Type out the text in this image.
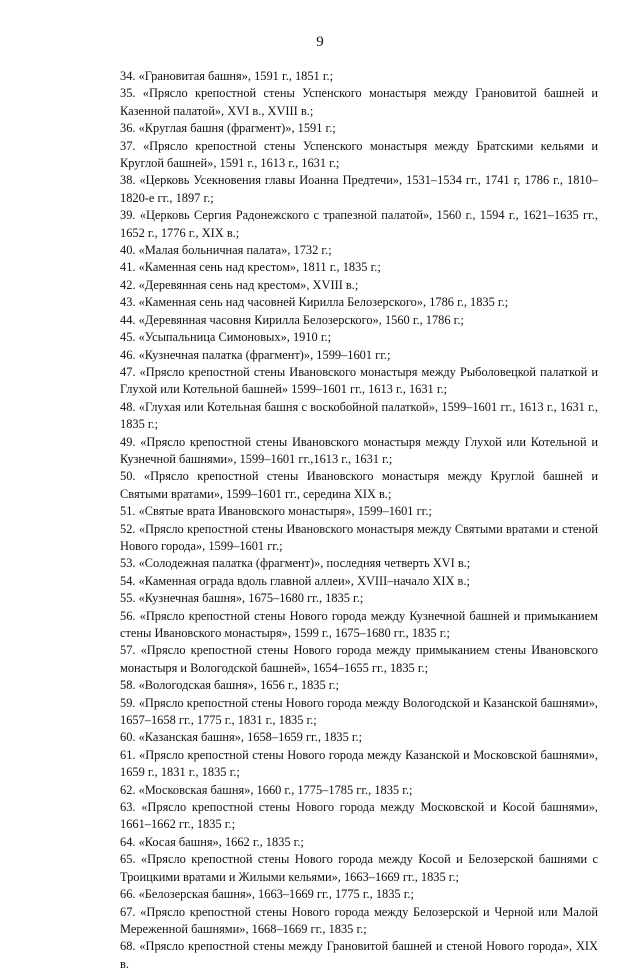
9

34. «Грановитая башня», 1591 г., 1851 г.;

35. «Прясло крепостной стены Успенского монастыря между Грановитой башней и Казенной палатой», XVI в., XVIII в.;

36. «Круглая башня (фрагмент)», 1591 г.;

37. «Прясло крепостной стены Успенского монастыря между Братскими кельями и Круглой башней», 1591 г., 1613 г., 1631 г.;

38. «Церковь Усекновения главы Иоанна Предтечи», 1531–1534 гг., 1741 г, 1786 г., 1810–1820-е гг., 1897 г.;

39. «Церковь Сергия Радонежского с трапезной палатой», 1560 г., 1594 г., 1621–1635 гг., 1652 г., 1776 г., XIX в.;

40. «Малая больничная палата», 1732 г.;

41. «Каменная сень над крестом», 1811 г., 1835 г.;

42. «Деревянная сень над крестом», XVIII в.;

43. «Каменная сень над часовней Кирилла Белозерского», 1786 г., 1835 г.;

44. «Деревянная часовня Кирилла Белозерского», 1560 г., 1786 г.;

45. «Усыпальница Симоновых», 1910 г.;

46. «Кузнечная палатка (фрагмент)», 1599–1601 гг.;

47. «Прясло крепостной стены Ивановского монастыря между Рыболовецкой палаткой и Глухой или Котельной башней» 1599–1601 гг., 1613 г., 1631 г.;

48. «Глухая или Котельная башня с воскобойной палаткой», 1599–1601 гг., 1613 г., 1631 г., 1835 г.;

49. «Прясло крепостной стены Ивановского монастыря между Глухой или Котельной и Кузнечной башнями», 1599–1601 гг.,1613 г., 1631 г.;

50. «Прясло крепостной стены Ивановского монастыря между Круглой башней и Святыми вратами», 1599–1601 гг., середина XIX в.;

51. «Святые врата Ивановского монастыря», 1599–1601 гг.;

52. «Прясло крепостной стены Ивановского монастыря между Святыми вратами и стеной Нового города», 1599–1601 гг.;

53. «Солодежная палатка (фрагмент)», последняя четверть XVI в.;

54. «Каменная ограда вдоль главной аллеи», XVIII–начало XIX в.;

55. «Кузнечная башня», 1675–1680 гг., 1835 г.;

56. «Прясло крепостной стены Нового города между Кузнечной башней и примыканием стены Ивановского монастыря», 1599 г., 1675–1680 гг., 1835 г.;

57. «Прясло крепостной стены Нового города между примыканием стены Ивановского монастыря и Вологодской башней», 1654–1655 гг., 1835 г.;

58. «Вологодская башня», 1656 г., 1835 г.;

59. «Прясло крепостной стены Нового города между Вологодской и Казанской башнями», 1657–1658 гг., 1775 г., 1831 г., 1835 г.;

60. «Казанская башня», 1658–1659 гг., 1835 г.;

61. «Прясло крепостной стены Нового города между Казанской и Московской башнями», 1659 г., 1831 г., 1835 г.;

62. «Московская башня», 1660 г., 1775–1785 гг., 1835 г.;

63. «Прясло крепостной стены Нового города между Московской и Косой башнями», 1661–1662 гг., 1835 г.;

64. «Косая башня», 1662 г., 1835 г.;

65. «Прясло крепостной стены Нового города между Косой и Белозерской башнями с Троицкими вратами и Жилыми кельями», 1663–1669 гг., 1835 г.;

66. «Белозерская башня», 1663–1669 гг., 1775 г., 1835 г.;

67. «Прясло крепостной стены Нового города между Белозерской и Черной или Малой Мереженной башнями», 1668–1669 гг., 1835 г.;

68. «Прясло крепостной стены между Грановитой башней и стеной Нового города», XIX в.
